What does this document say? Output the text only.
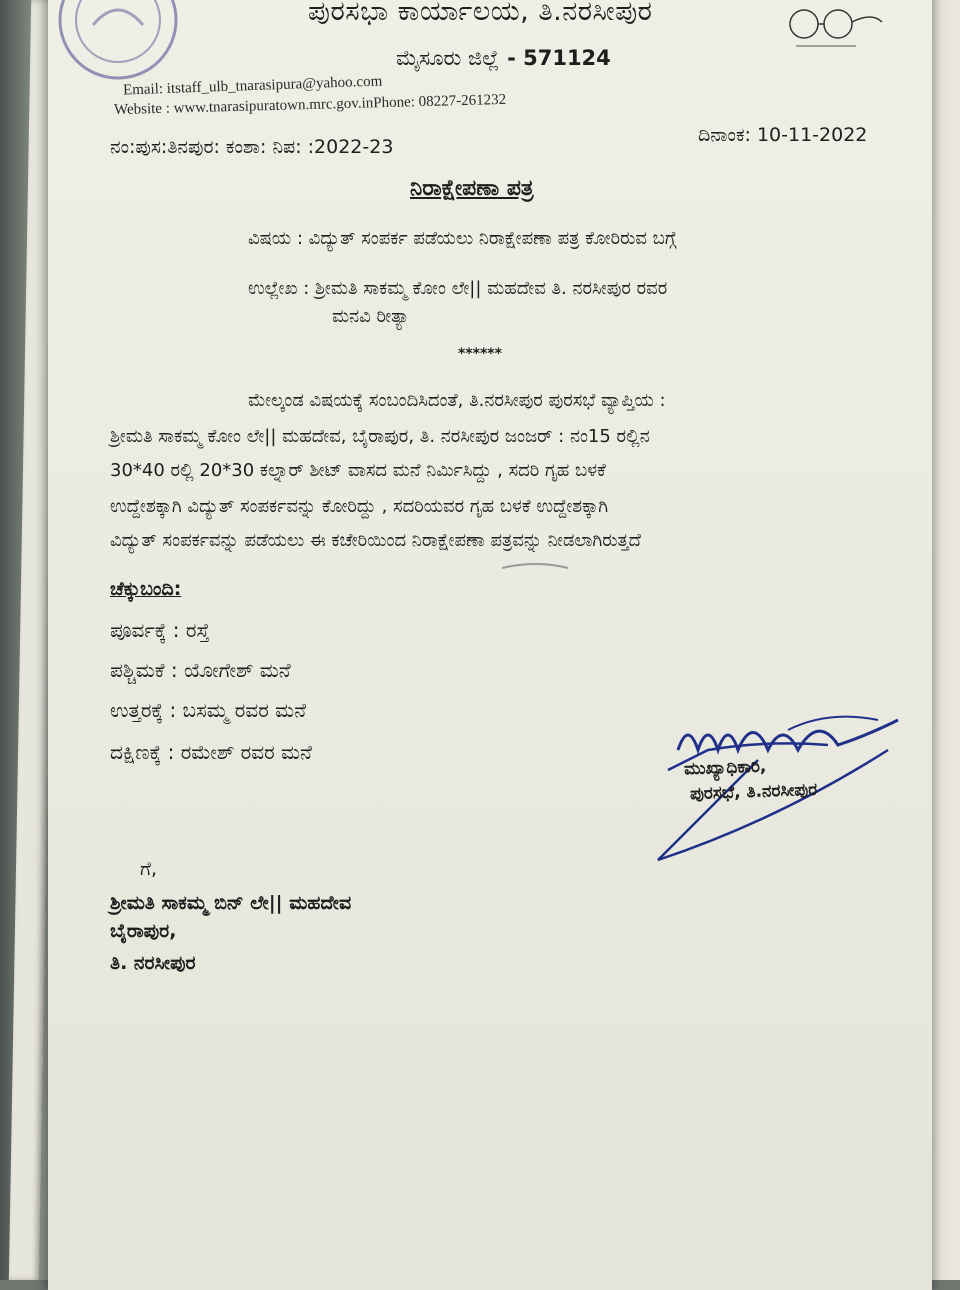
ಪುರಸಭಾ ಕಾರ್ಯಾಲಯ, ತಿ.ನರಸೀಪುರ
ಮೈಸೂರು ಜಿಲ್ಲೆ - 571124
Email: itstaff_ulb_tnarasipura@yahoo.com
Website : www.tnarasipuratown.mrc.gov.inPhone: 08227-261232
ನಂ:ಪುಸ:ತಿನಪುರ: ಕಂಶಾ: ನಿಪ: :2022-23
ದಿನಾಂಕ: 10-11-2022
ನಿರಾಕ್ಷೇಪಣಾ ಪತ್ರ
ವಿಷಯ : ವಿದ್ಯುತ್ ಸಂಪರ್ಕ ಪಡೆಯಲು ನಿರಾಕ್ಷೇಪಣಾ ಪತ್ರ ಕೋರಿರುವ ಬಗ್ಗೆ
ಉಲ್ಲೇಖ : ಶ್ರೀಮತಿ ಸಾಕಮ್ಮ ಕೋಂ ಲೇ|| ಮಹದೇವ ತಿ. ನರಸೀಪುರ ರವರ
ಮನವಿ ರೀತ್ಯಾ
******
ಮೇಲ್ಕಂಡ ವಿಷಯಕ್ಕೆ ಸಂಬಂದಿಸಿದಂತೆ, ತಿ.ನರಸೀಪುರ ಪುರಸಭೆ ವ್ಯಾಪ್ತಿಯ :
ಶ್ರೀಮತಿ ಸಾಕಮ್ಮ ಕೋಂ ಲೇ|| ಮಹದೇವ, ಬೈರಾಪುರ, ತಿ. ನರಸೀಪುರ ಜಂಜರ್ : ನಂ15 ರಲ್ಲಿನ
30*40 ರಲ್ಲಿ 20*30 ಕಲ್ನಾರ್ ಶೀಟ್ ವಾಸದ ಮನೆ ನಿರ್ಮಿಸಿದ್ದು , ಸದರಿ ಗೃಹ ಬಳಕೆ
ಉದ್ದೇಶಕ್ಕಾಗಿ ವಿದ್ಯುತ್ ಸಂಪರ್ಕವನ್ನು ಕೋರಿದ್ದು , ಸದರಿಯವರ ಗೃಹ ಬಳಕೆ ಉದ್ದೇಶಕ್ಕಾಗಿ
ವಿದ್ಯುತ್ ಸಂಪರ್ಕವನ್ನು ಪಡೆಯಲು ಈ ಕಚೇರಿಯಿಂದ ನಿರಾಕ್ಷೇಪಣಾ ಪತ್ರವನ್ನು ನೀಡಲಾಗಿರುತ್ತದೆ
ಚೆಕ್ಕುಬಂದಿ:
ಪೂರ್ವಕ್ಕೆ : ರಸ್ತೆ
ಪಶ್ಚಿಮಕೆ : ಯೋಗೇಶ್ ಮನೆ
ಉತ್ತರಕ್ಕೆ : ಬಸಮ್ಮ ರವರ ಮನೆ
ದಕ್ಷಿಣಕ್ಕೆ : ರಮೇಶ್ ರವರ ಮನೆ
ಮುಖ್ಯಾಧಿಕಾರಿ,
ಪುರಸಭೆ, ತಿ.ನರಸೀಪುರ
ಗೆ,
ಶ್ರೀಮತಿ ಸಾಕಮ್ಮ ಬಿನ್ ಲೇ|| ಮಹದೇವ
ಬೈರಾಪುರ,
ತಿ. ನರಸೀಪುರ
